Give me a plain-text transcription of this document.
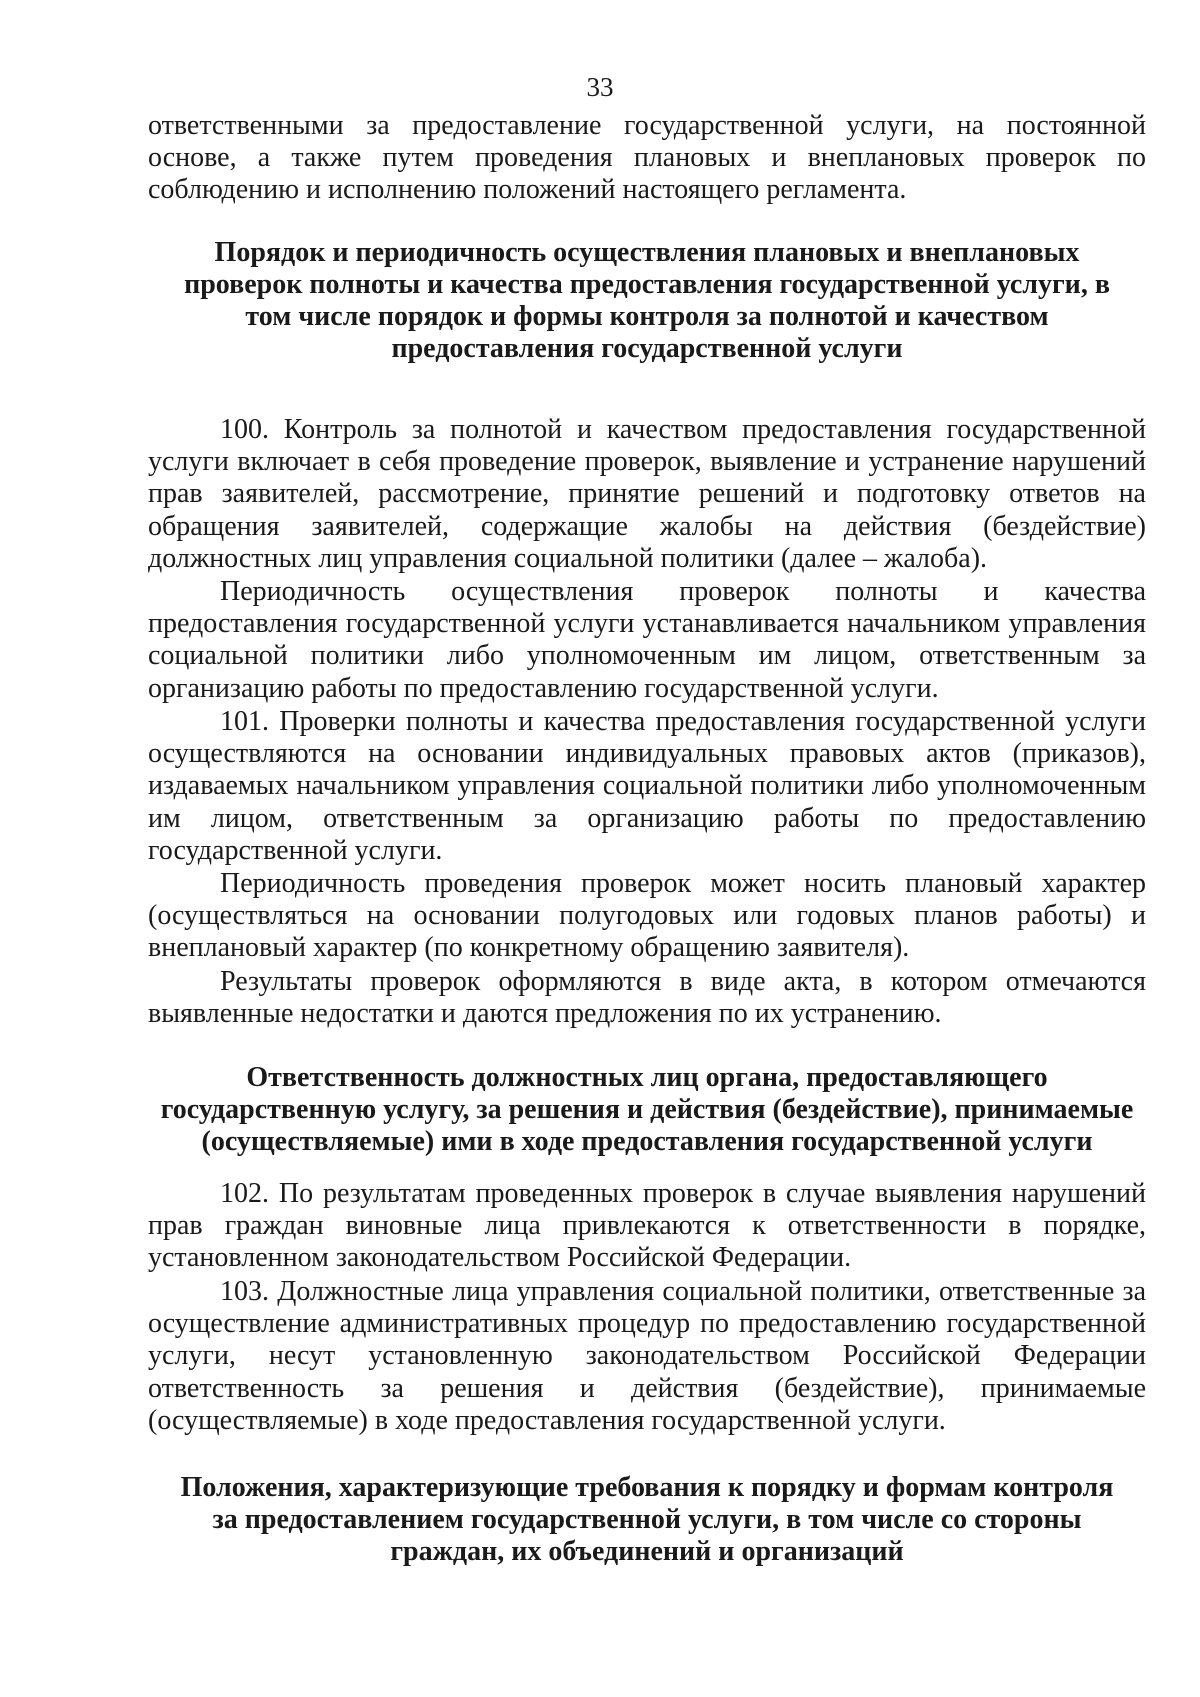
33

ответственными за предоставление государственной услуги, на постоянной основе, а также путем проведения плановых и внеплановых проверок по соблюдению и исполнению положений настоящего регламента.

Порядок и периодичность осуществления плановых и внеплановых проверок полноты и качества предоставления государственной услуги, в том числе порядок и формы контроля за полнотой и качеством предоставления государственной услуги

100. Контроль за полнотой и качеством предоставления государственной услуги включает в себя проведение проверок, выявление и устранение нарушений прав заявителей, рассмотрение, принятие решений и подготовку ответов на обращения заявителей, содержащие жалобы на действия (бездействие) должностных лиц управления социальной политики (далее – жалоба).

Периодичность осуществления проверок полноты и качества предоставления государственной услуги устанавливается начальником управления социальной политики либо уполномоченным им лицом, ответственным за организацию работы по предоставлению государственной услуги.

101. Проверки полноты и качества предоставления государственной услуги осуществляются на основании индивидуальных правовых актов (приказов), издаваемых начальником управления социальной политики либо уполномоченным им лицом, ответственным за организацию работы по предоставлению государственной услуги.

Периодичность проведения проверок может носить плановый характер (осуществляться на основании полугодовых или годовых планов работы) и внеплановый характер (по конкретному обращению заявителя).

Результаты проверок оформляются в виде акта, в котором отмечаются выявленные недостатки и даются предложения по их устранению.

Ответственность должностных лиц органа, предоставляющего государственную услугу, за решения и действия (бездействие), принимаемые (осуществляемые) ими в ходе предоставления государственной услуги

102. По результатам проведенных проверок в случае выявления нарушений прав граждан виновные лица привлекаются к ответственности в порядке, установленном законодательством Российской Федерации.

103. Должностные лица управления социальной политики, ответственные за осуществление административных процедур по предоставлению государственной услуги, несут установленную законодательством Российской Федерации ответственность за решения и действия (бездействие), принимаемые (осуществляемые) в ходе предоставления государственной услуги.

Положения, характеризующие требования к порядку и формам контроля за предоставлением государственной услуги, в том числе со стороны граждан, их объединений и организаций
